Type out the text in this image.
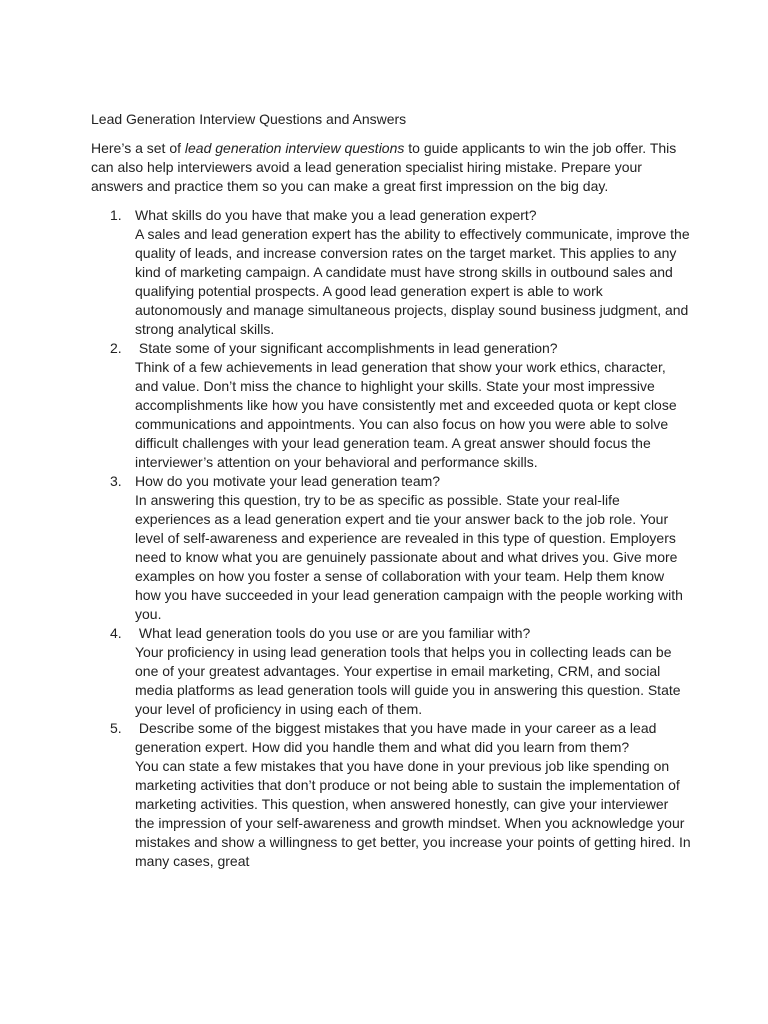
Lead Generation Interview Questions and Answers

Here’s a set of lead generation interview questions to guide applicants to win the job offer. This can also help interviewers avoid a lead generation specialist hiring mistake. Prepare your answers and practice them so you can make a great first impression on the big day.

1. What skills do you have that make you a lead generation expert?
A sales and lead generation expert has the ability to effectively communicate, improve the quality of leads, and increase conversion rates on the target market. This applies to any kind of marketing campaign. A candidate must have strong skills in outbound sales and qualifying potential prospects. A good lead generation expert is able to work autonomously and manage simultaneous projects, display sound business judgment, and strong analytical skills.
2. State some of your significant accomplishments in lead generation?
Think of a few achievements in lead generation that show your work ethics, character, and value. Don’t miss the chance to highlight your skills. State your most impressive accomplishments like how you have consistently met and exceeded quota or kept close communications and appointments. You can also focus on how you were able to solve difficult challenges with your lead generation team. A great answer should focus the interviewer’s attention on your behavioral and performance skills.
3. How do you motivate your lead generation team?
In answering this question, try to be as specific as possible. State your real-life experiences as a lead generation expert and tie your answer back to the job role. Your level of self-awareness and experience are revealed in this type of question. Employers need to know what you are genuinely passionate about and what drives you. Give more examples on how you foster a sense of collaboration with your team. Help them know how you have succeeded in your lead generation campaign with the people working with you.
4. What lead generation tools do you use or are you familiar with?
Your proficiency in using lead generation tools that helps you in collecting leads can be one of your greatest advantages. Your expertise in email marketing, CRM, and social media platforms as lead generation tools will guide you in answering this question. State your level of proficiency in using each of them.
5. Describe some of the biggest mistakes that you have made in your career as a lead generation expert. How did you handle them and what did you learn from them?
You can state a few mistakes that you have done in your previous job like spending on marketing activities that don’t produce or not being able to sustain the implementation of marketing activities. This question, when answered honestly, can give your interviewer the impression of your self-awareness and growth mindset. When you acknowledge your mistakes and show a willingness to get better, you increase your points of getting hired. In many cases, great
